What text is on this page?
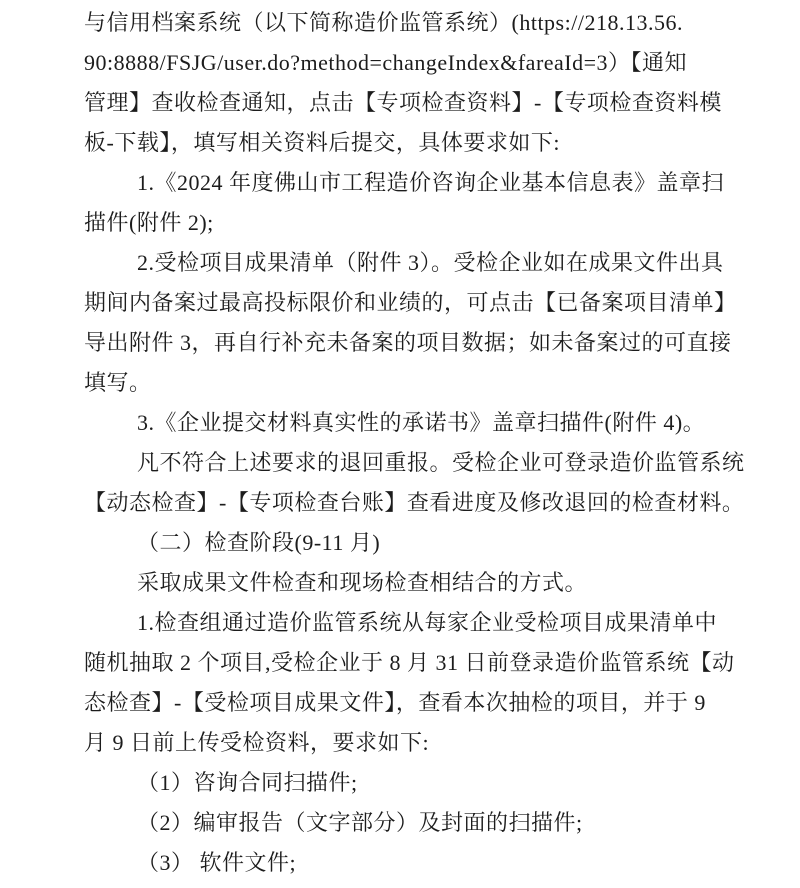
与信用档案系统（以下简称造价监管系统）(https://218.13.56.
90:8888/FSJG/user.do?method=changeIndex&fareaId=3）【通知
管理】查收检查通知，点击【专项检查资料】-【专项检查资料模
板-下载】，填写相关资料后提交，具体要求如下:
1.《2024 年度佛山市工程造价咨询企业基本信息表》盖章扫
描件(附件 2);
2.受检项目成果清单（附件 3）。受检企业如在成果文件出具
期间内备案过最高投标限价和业绩的，可点击【已备案项目清单】
导出附件 3，再自行补充未备案的项目数据；如未备案过的可直接
填写。
3.《企业提交材料真实性的承诺书》盖章扫描件(附件 4)。
凡不符合上述要求的退回重报。受检企业可登录造价监管系统
【动态检查】-【专项检查台账】查看进度及修改退回的检查材料。
（二）检查阶段(9-11 月)
采取成果文件检查和现场检查相结合的方式。
1.检查组通过造价监管系统从每家企业受检项目成果清单中
随机抽取 2 个项目,受检企业于 8 月 31 日前登录造价监管系统【动
态检查】-【受检项目成果文件】，查看本次抽检的项目，并于 9
月 9 日前上传受检资料，要求如下:
（1）咨询合同扫描件;
（2）编审报告（文字部分）及封面的扫描件;
（3） 软件文件;
